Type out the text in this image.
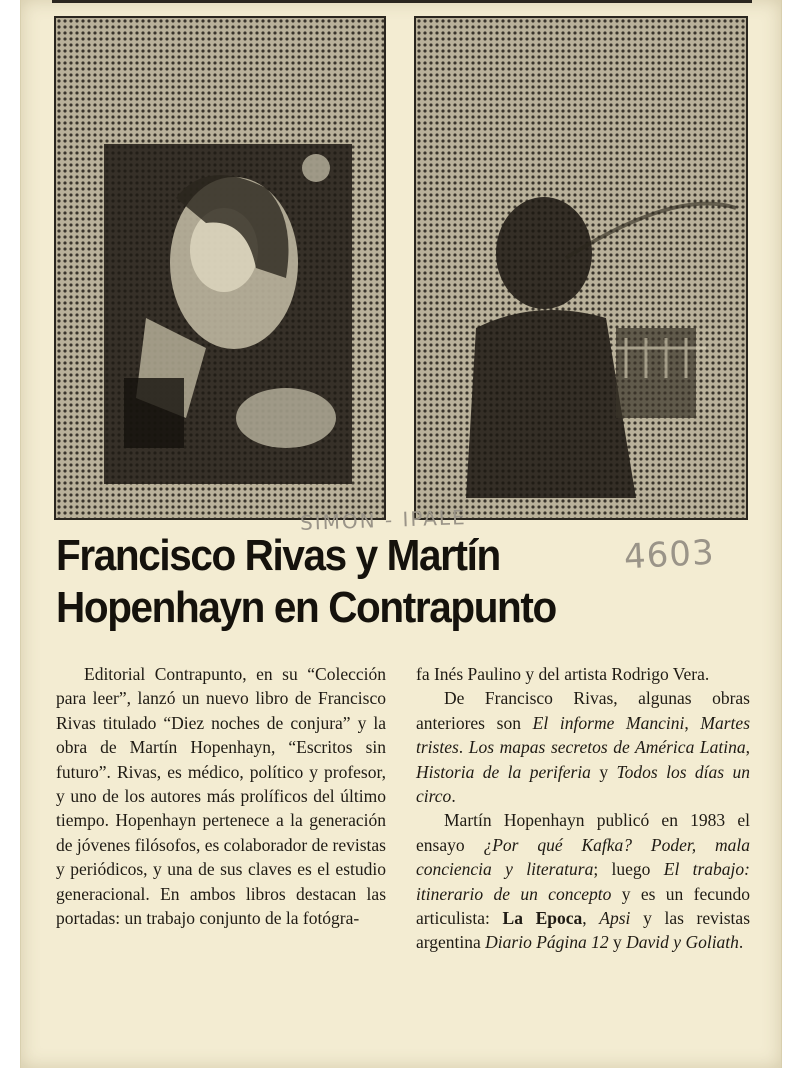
SIMON - IPALE
4603
Francisco Rivas y Martín Hopenhayn en Contrapunto

Editorial Contrapunto, en su “Colección para leer”, lanzó un nuevo libro de Francisco Rivas titulado “Diez noches de conjura” y la obra de Martín Hopenhayn, “Escritos sin futuro”. Rivas, es médico, político y profesor, y uno de los autores más prolíficos del último tiempo. Hopenhayn pertenece a la generación de jóvenes filósofos, es colaborador de revistas y periódicos, y una de sus claves es el estudio generacional. En ambos libros destacan las portadas: un trabajo conjunto de la fotógra-

fa Inés Paulino y del artista Rodrigo Vera.

De Francisco Rivas, algunas obras anteriores son El informe Mancini, Martes tristes. Los mapas secretos de América Latina, Historia de la periferia y Todos los días un circo.

Martín Hopenhayn publicó en 1983 el ensayo ¿Por qué Kafka? Poder, mala conciencia y literatura; luego El trabajo: itinerario de un concepto y es un fecundo articulista: La Epoca, Apsi y las revistas argentina Diario Página 12 y David y Goliath.
